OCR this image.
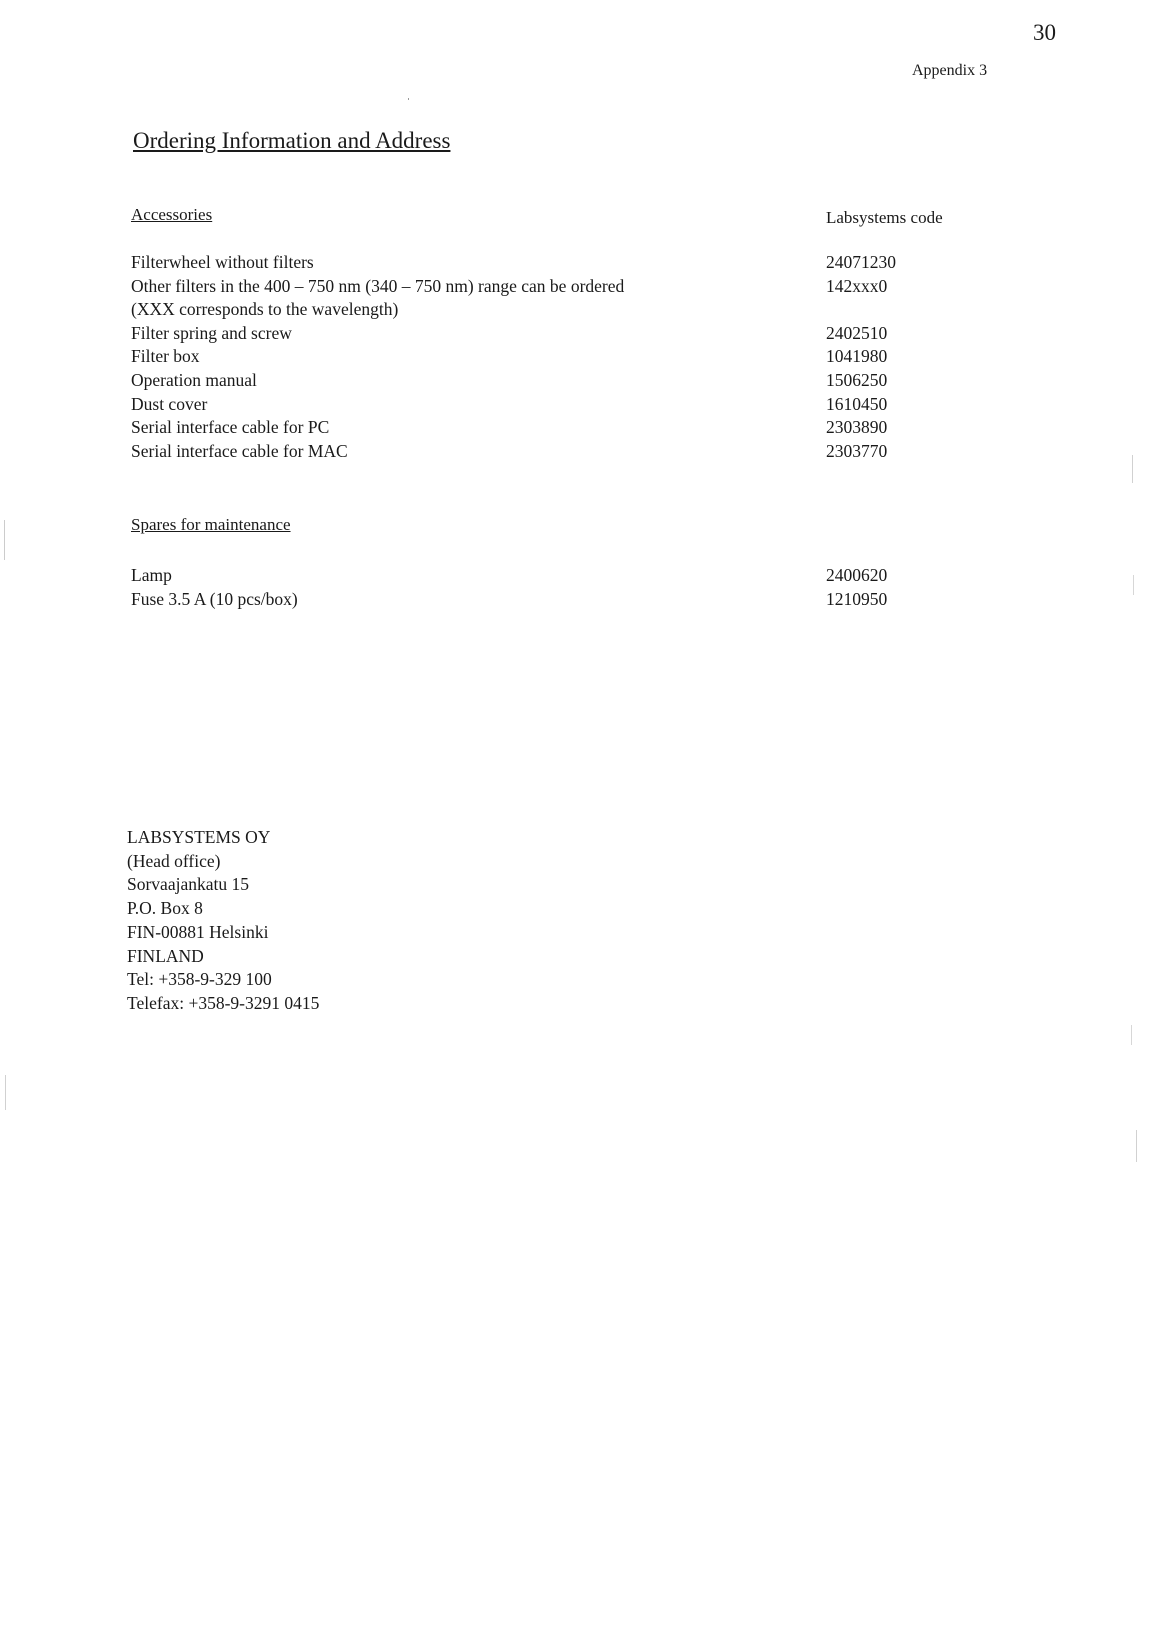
30
Appendix 3
Ordering Information and Address
Accessories	Labsystems code
Filterwheel without filters	24071230
Other filters in the 400 – 750 nm (340 – 750 nm) range can be ordered	142xxx0
(XXX corresponds to the wavelength)
Filter spring and screw	2402510
Filter box	1041980
Operation manual	1506250
Dust cover	1610450
Serial interface cable for PC	2303890
Serial interface cable for MAC	2303770
Spares for maintenance
Lamp	2400620
Fuse 3.5 A (10 pcs/box)	1210950
LABSYSTEMS OY
(Head office)
Sorvaajankatu 15
P.O. Box 8
FIN-00881 Helsinki
FINLAND
Tel: +358-9-329 100
Telefax: +358-9-3291 0415
